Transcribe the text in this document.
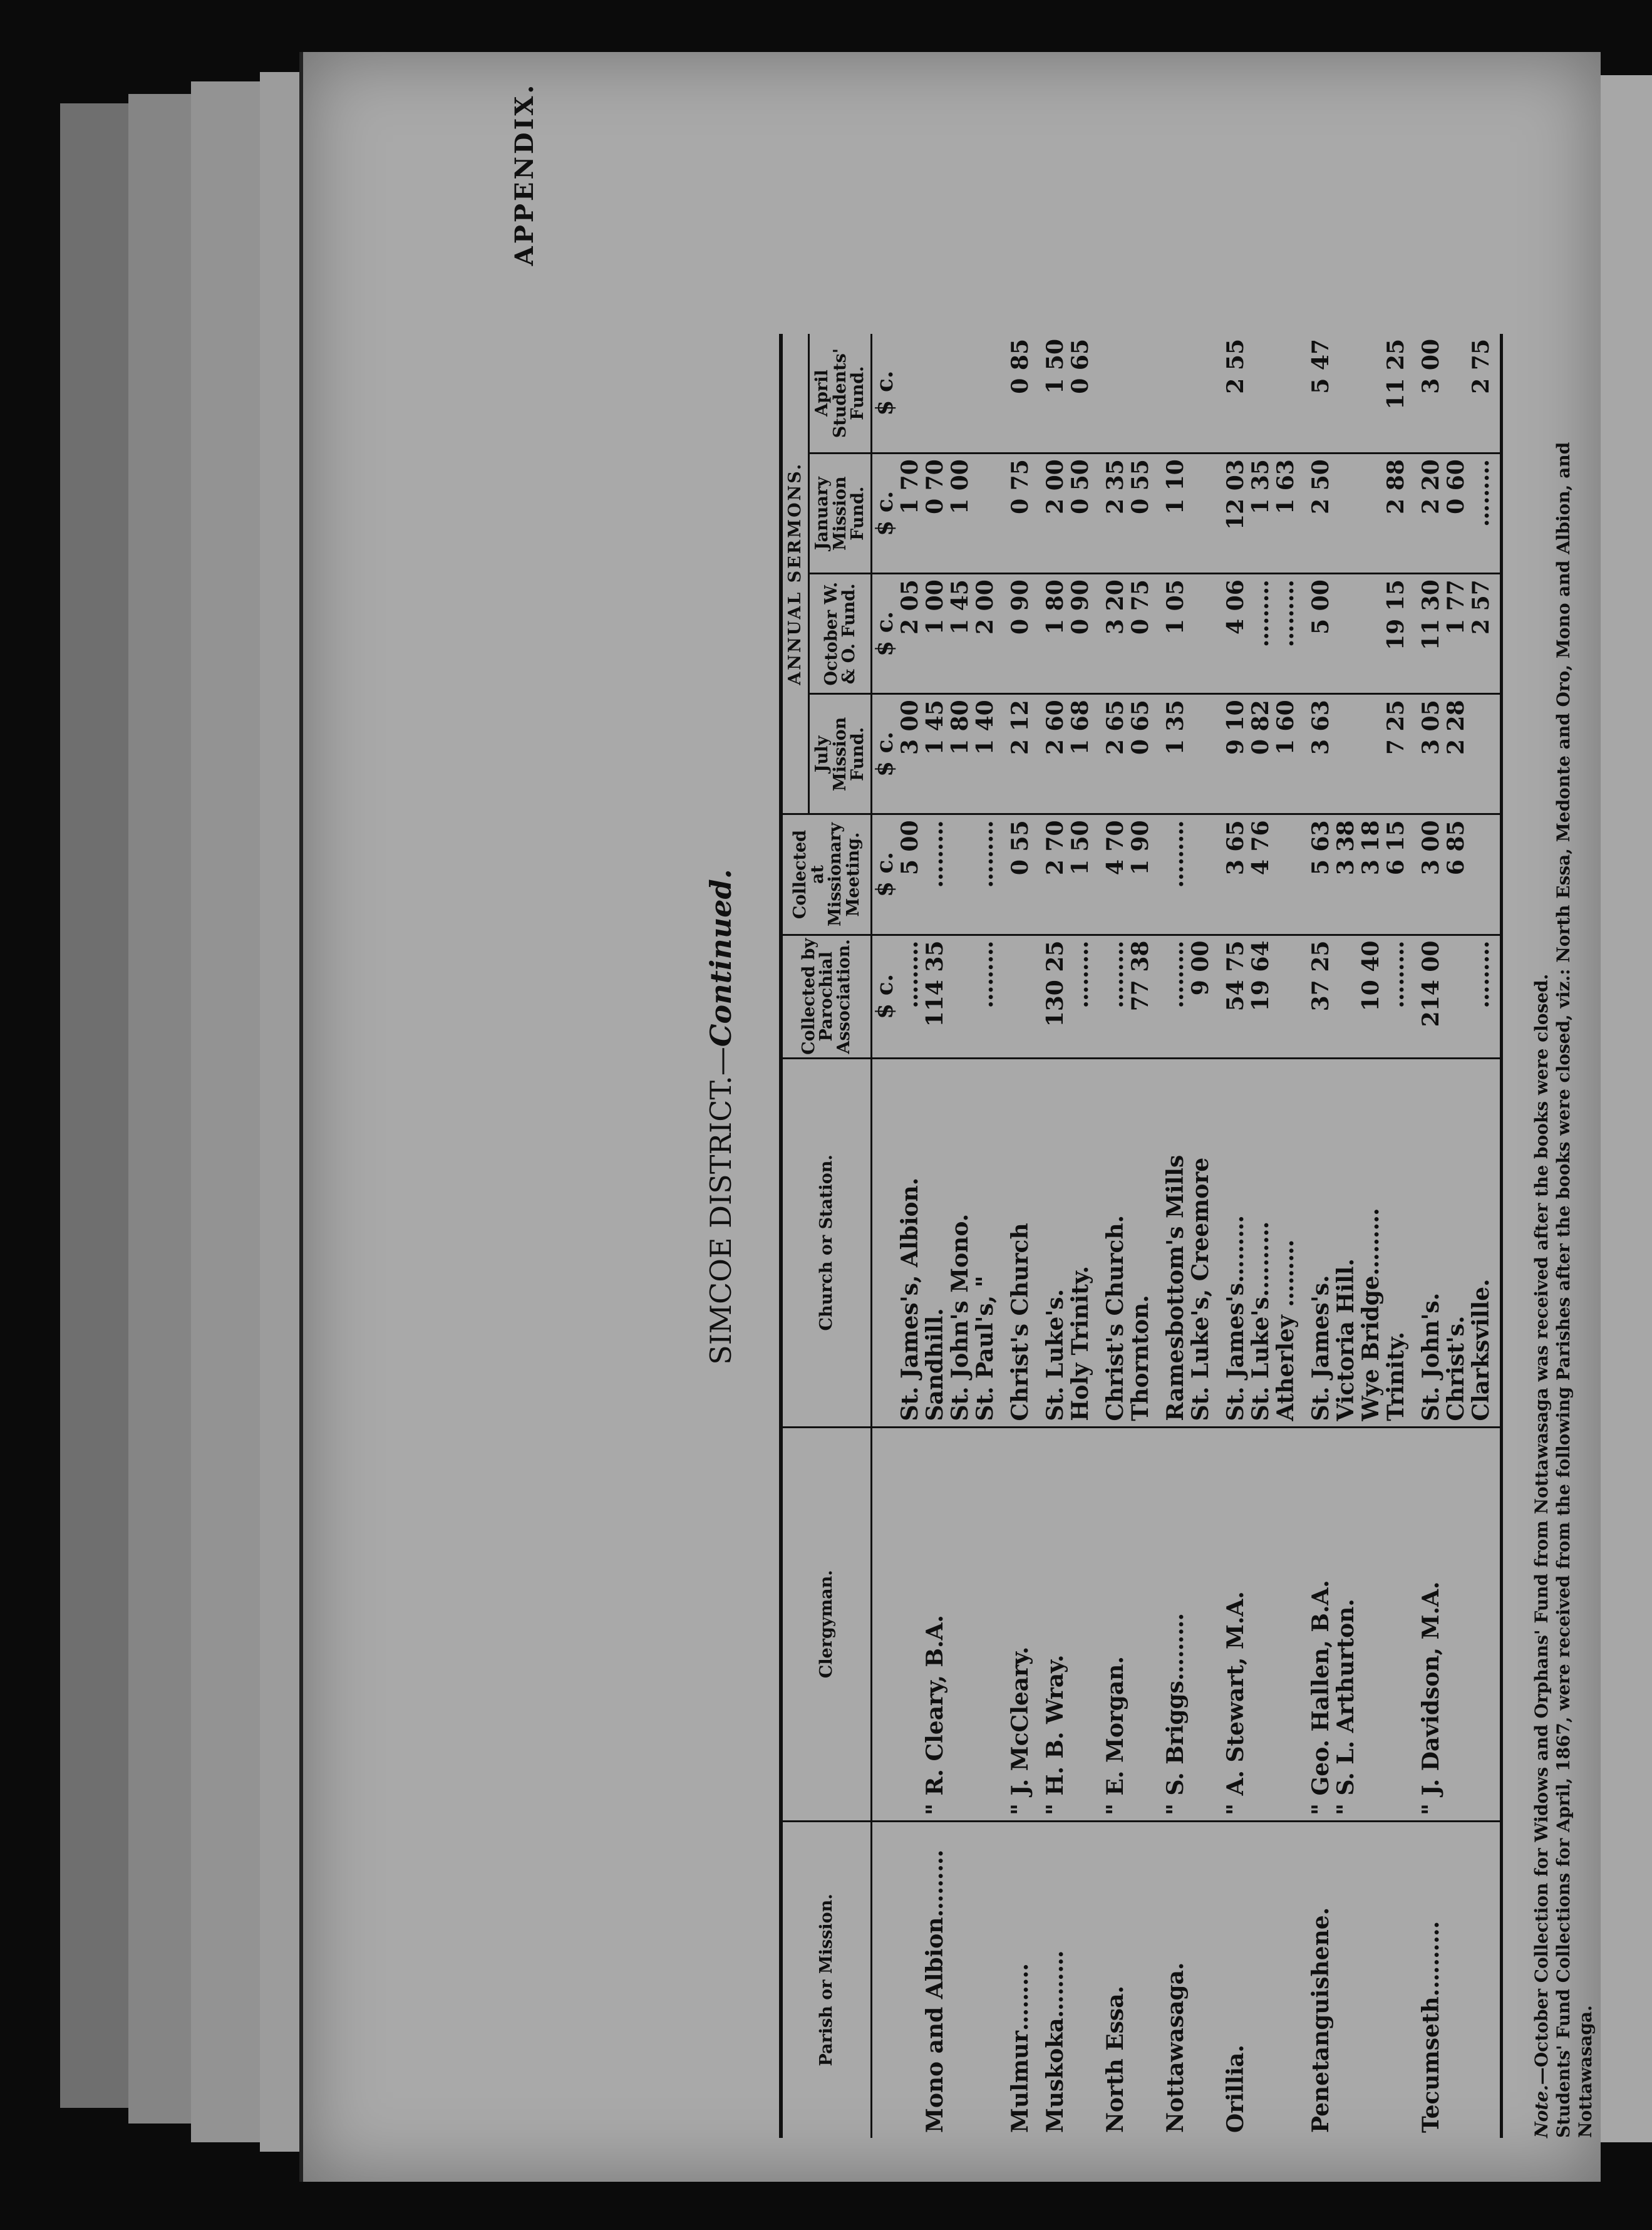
APPENDIX.
SIMCOE DISTRICT.—Continued.
Parish or Mission.	Clergyman.	Church or Station.	Collected by Parochial Association.	Collected at Missionary Meeting.	ANNUAL SERMONS.			
					July Mission Fund.	October W. & O. Fund.	January Mission Fund.	April Students' Fund.
			$ c.	$ c.	$ c.	$ c.	$ c.	$ c.
		St. James's, Albion.	………	5 00	3 00	2 05	1 70	
Mono and Albion………	" R. Cleary, B.A.	Sandhill.	114 35	………	1 45	1 00	0 70	
		St. John's Mono.			1 80	1 45	1 00	
		St. Paul's, "	………	………	1 40	2 00		
Mulmur………	" J. McCleary.	Christ's Church		0 55	2 12	0 90	0 75	0 85
Muskoka………	" H. B. Wray.	St. Luke's.	130 25	2 70	2 60	1 80	2 00	1 50
		Holy Trinity.	………	1 50	1 68	0 90	0 50	0 65
North Essa.	" E. Morgan.	Christ's Church.	………	4 70	2 65	3 20	2 35	
		Thornton.	77 38	1 90	0 65	0 75	0 55	
Nottawasaga.	" S. Briggs………	Ramesbottom's Mills	………	………	1 35	1 05	1 10	
		St. Luke's, Creemore	9 00					
Orillia.	" A. Stewart, M.A.	St. James's………	54 75	3 65	9 10	4 06	12 03	2 55
		St. Luke's.………	19 64	4 76	0 82	………	1 35	
		Atherley ………			1 60	………	1 63	
Penetanguishene.	" Geo. Hallen, B.A.	St. James's.	37 25	5 63	3 63	5 00	2 50	5 47
	" S. L. Arthurton.	Victoria Hill.		3 38				
		Wye Bridge………	10 40	3 18				
		Trinity.	………	6 15	7 25	19 15	2 88	11 25
Tecumseth.………	" J. Davidson, M.A.	St. John's.	214 00	3 00	3 05	11 30	2 20	3 00
		Christ's.		6 85	2 28	1 77	0 60	
		Clarksville.	………			2 57	………	2 75
Note.—October Collection for Widows and Orphans' Fund from Nottawasaga was received after the books were closed. Students' Fund Collections for April, 1867, were received from the following Parishes after the books were closed, viz.: North Essa, Medonte and Oro, Mono and Albion, and Nottawasaga.
